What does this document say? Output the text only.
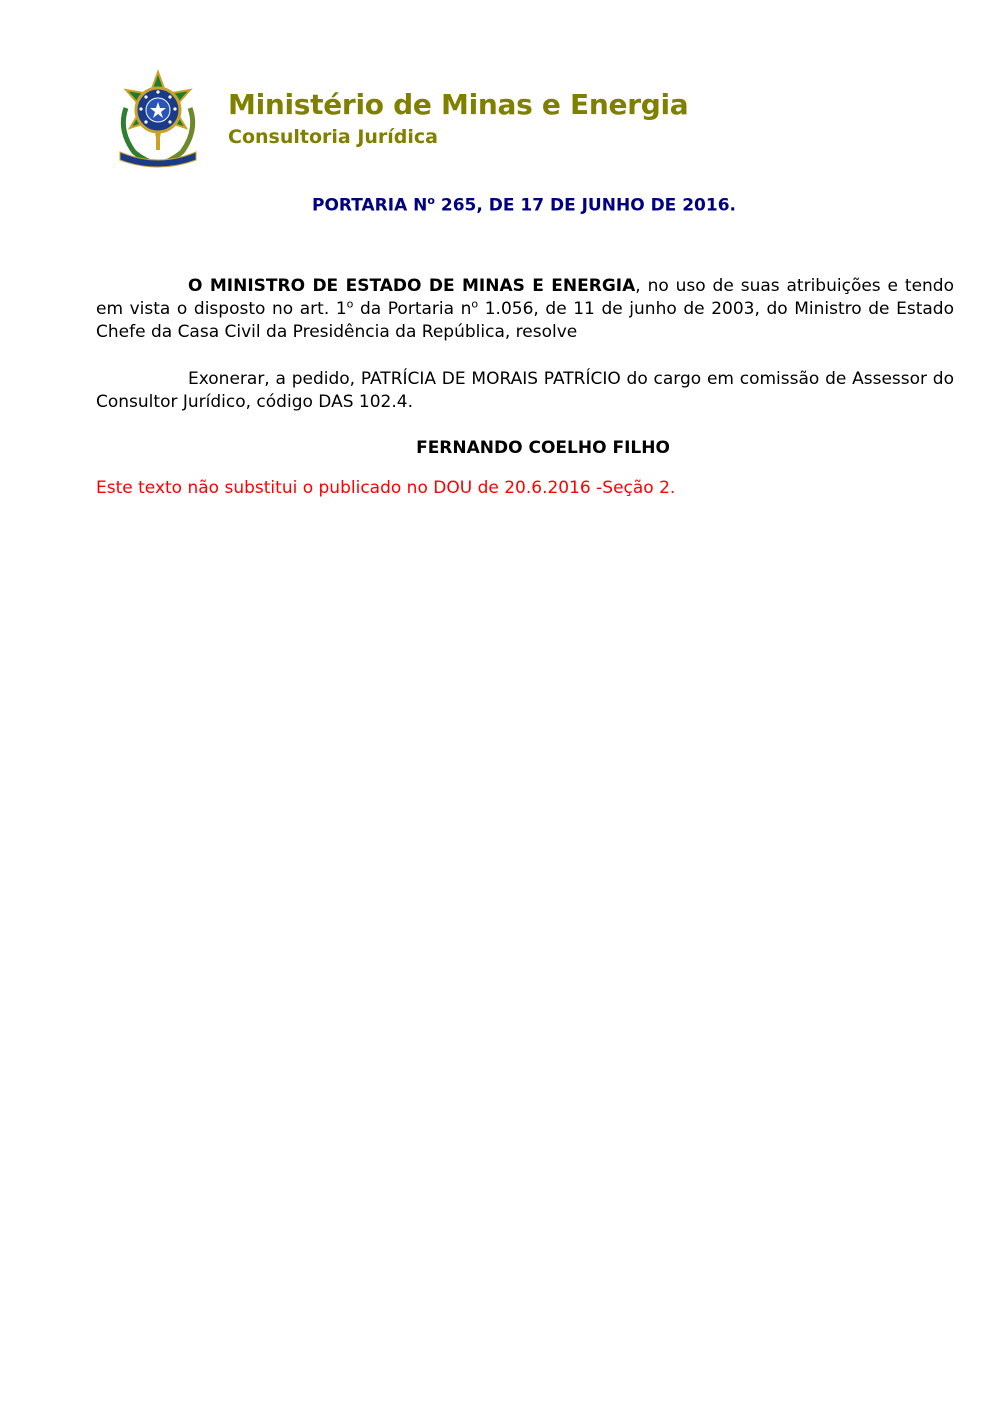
Ministério de Minas e Energia
Consultoria Jurídica
PORTARIA $N^o$ 265, DE 17 DE JUNHO DE 2016.
O MINISTRO DE ESTADO DE MINAS E ENERGIA, no uso de suas atribuições e tendo em vista o disposto no art. 1$^o$ da Portaria $n^o$ 1.056, de 11 de junho de 2003, do Ministro de Estado Chefe da Casa Civil da Presidência da República, resolve
Exonerar, a pedido, PATRÍCIA DE MORAIS PATRÍCIO do cargo em comissão de Assessor do Consultor Jurídico, código DAS 102.4.
FERNANDO COELHO FILHO
Este texto não substitui o publicado no DOU de 20.6.2016 -Seção 2.
